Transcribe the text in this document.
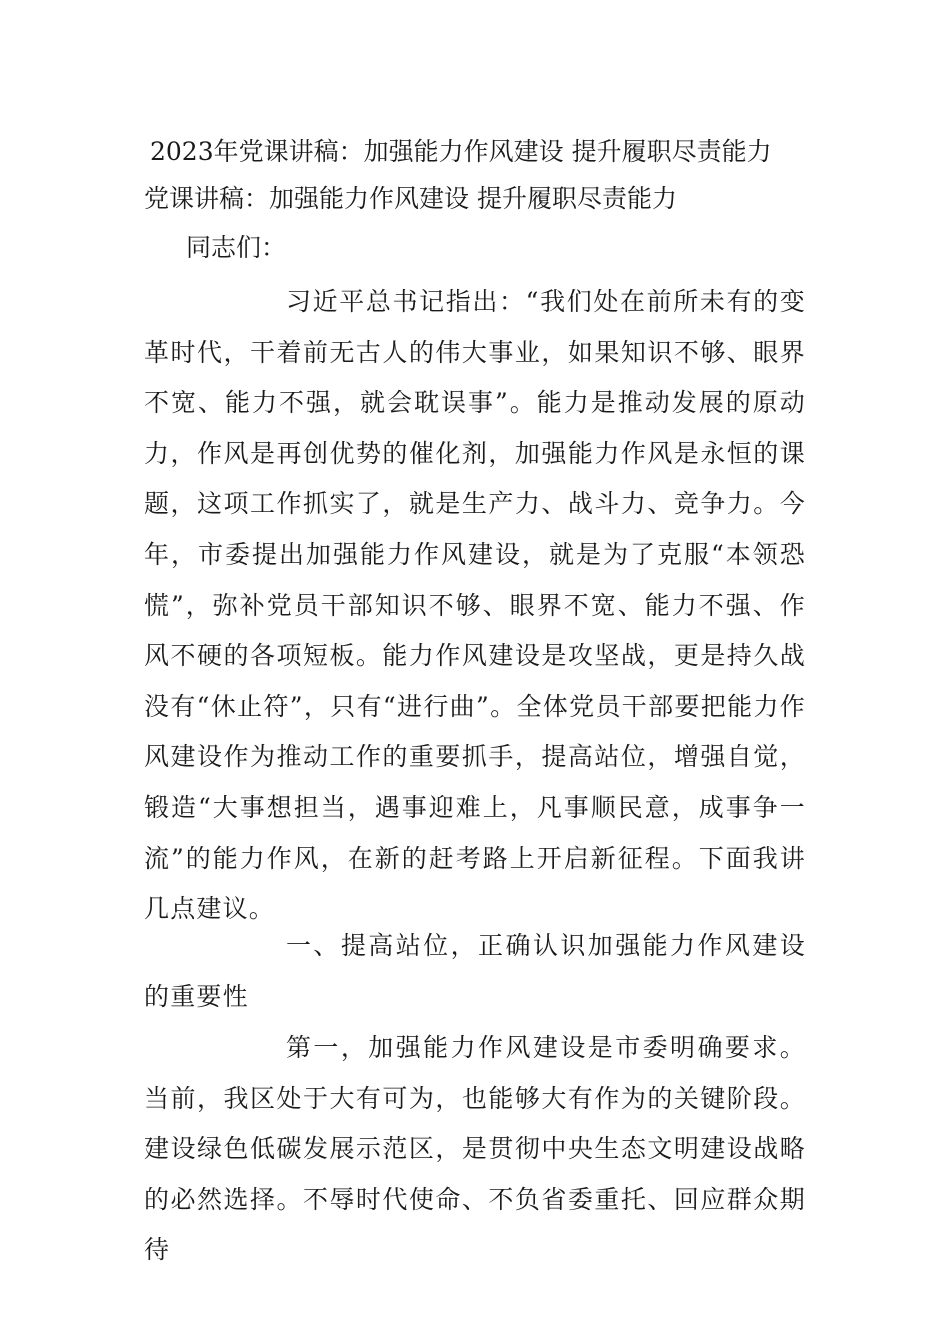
2023年党课讲稿：加强能力作风建设 提升履职尽责能力
党课讲稿：加强能力作风建设 提升履职尽责能力
同志们：

习近平总书记指出：“我们处在前所未有的变革时代，干着前无古人的伟大事业，如果知识不够、眼界不宽、能力不强，就会耽误事”。能力是推动发展的原动力，作风是再创优势的催化剂，加强能力作风是永恒的课题，这项工作抓实了，就是生产力、战斗力、竞争力。今年，市委提出加强能力作风建设，就是为了克服“本领恐慌”，弥补党员干部知识不够、眼界不宽、能力不强、作风不硬的各项短板。能力作风建设是攻坚战，更是持久战没有“休止符”，只有“进行曲”。全体党员干部要把能力作风建设作为推动工作的重要抓手，提高站位，增强自觉，锻造“大事想担当，遇事迎难上，凡事顺民意，成事争一流”的能力作风，在新的赶考路上开启新征程。下面我讲几点建议。

一、提高站位，正确认识加强能力作风建设的重要性

第一，加强能力作风建设是市委明确要求。当前，我区处于大有可为，也能够大有作为的关键阶段。建设绿色低碳发展示范区，是贯彻中央生态文明建设战略的必然选择。不辱时代使命、不负省委重托、回应群众期待
